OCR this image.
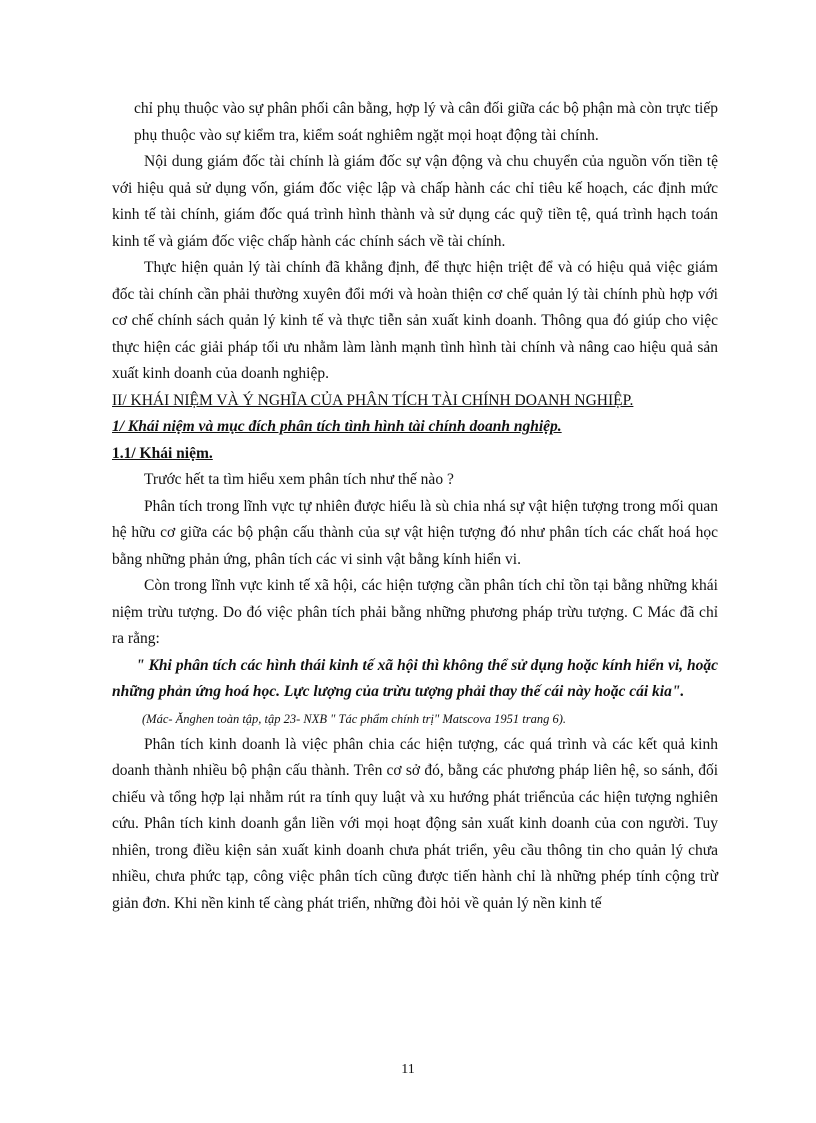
chỉ phụ thuộc vào sự phân phối cân bằng, hợp lý và cân đối giữa các bộ phận mà còn trực tiếp phụ thuộc vào sự kiểm tra, kiểm soát nghiêm ngặt mọi hoạt động tài chính.

Nội dung giám đốc tài chính là giám đốc sự vận động và chu chuyển của nguồn vốn tiền tệ với hiệu quả sử dụng vốn, giám đốc việc lập và chấp hành các chỉ tiêu kế hoạch, các định mức kinh tế tài chính, giám đốc quá trình hình thành và sử dụng các quỹ tiền tệ, quá trình hạch toán kinh tế và giám đốc việc chấp hành các chính sách về tài chính.

Thực hiện quản lý tài chính đã khẳng định, để thực hiện triệt để và có hiệu quả việc giám đốc tài chính cần phải thường xuyên đổi mới và hoàn thiện cơ chế quản lý tài chính phù hợp với cơ chế chính sách quản lý kinh tế và thực tiễn sản xuất kinh doanh. Thông qua đó giúp cho việc thực hiện các giải pháp tối ưu nhằm làm lành mạnh tình hình tài chính và nâng cao hiệu quả sản xuất kinh doanh của doanh nghiệp.

II/ KHÁI NIỆM VÀ Ý NGHĨA CỦA PHÂN TÍCH TÀI CHÍNH DOANH NGHIỆP.

1/ Khái niệm và mục đích phân tích tình hình tài chính doanh nghiệp.

1.1/ Khái niệm.

Trước hết ta tìm hiểu xem phân tích như thế nào ?

Phân tích trong lĩnh vực tự nhiên được hiểu là sù chia nhá sự vật hiện tượng trong mối quan hệ hữu cơ giữa các bộ phận cấu thành của sự vật hiện tượng đó như phân tích các chất hoá học bằng những phản ứng, phân tích các vi sinh vật bằng kính hiển vi.

Còn trong lĩnh vực kinh tế xã hội, các hiện tượng cần phân tích chỉ tồn tại bằng những khái niệm trừu tượng. Do đó việc phân tích phải bằng những phương pháp trừu tượng. C Mác đã chỉ ra rằng:

" Khi phân tích các hình thái kinh tế xã hội thì không thể sử dụng hoặc kính hiển vi, hoặc những phản ứng hoá học. Lực lượng của trừu tượng phải thay thế cái này hoặc cái kia".

(Mác- Ănghen toàn tập, tập 23- NXB " Tác phẩm chính trị" Matscova 1951 trang 6).

Phân tích kinh doanh là việc phân chia các hiện tượng, các quá trình và các kết quả kinh doanh thành nhiều bộ phận cấu thành. Trên cơ sở đó, bằng các phương pháp liên hệ, so sánh, đối chiếu và tổng hợp lại nhằm rút ra tính quy luật và xu hướng phát triểncủa các hiện tượng nghiên cứu. Phân tích kinh doanh gắn liền với mọi hoạt động sản xuất kinh doanh của con người. Tuy nhiên, trong điều kiện sản xuất kinh doanh chưa phát triển, yêu cầu thông tin cho quản lý chưa nhiều, chưa phức tạp, công việc phân tích cũng được tiến hành chỉ là những phép tính cộng trừ giản đơn. Khi nền kinh tế càng phát triển, những đòi hỏi về quản lý nền kinh tế

11
